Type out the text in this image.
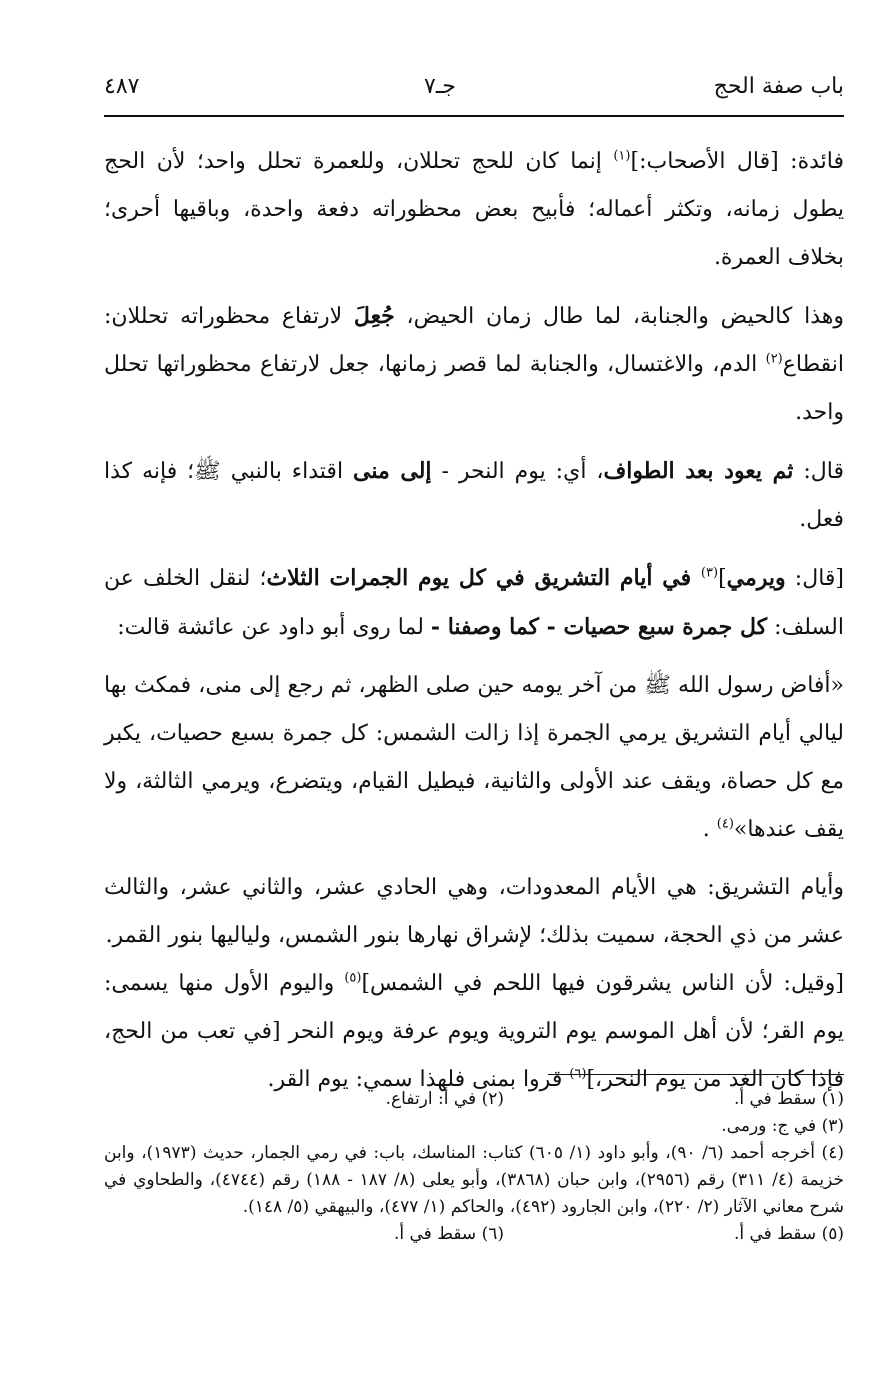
باب صفة الحج
جـ٧
٤٨٧

فائدة: [قال الأصحاب:]$^{(١)}$ إنما كان للحج تحللان، وللعمرة تحلل واحد؛ لأن الحج يطول زمانه، وتكثر أعماله؛ فأبيح بعض محظوراته دفعة واحدة، وباقيها أحرى؛ بخلاف العمرة.

وهذا كالحيض والجنابة، لما طال زمان الحيض، جُعِلَ لارتفاع محظوراته تحللان: انقطاع$^{(٢)}$ الدم، والاغتسال، والجنابة لما قصر زمانها، جعل لارتفاع محظوراتها تحلل واحد.

قال: ثم يعود بعد الطواف، أي: يوم النحر - إلى منى اقتداء بالنبي ﷺ؛ فإنه كذا فعل.

[قال: ويرمي]$^{(٣)}$ في أيام التشريق في كل يوم الجمرات الثلاث؛ لنقل الخلف عن السلف: كل جمرة سبع حصيات - كما وصفنا - لما روى أبو داود عن عائشة قالت:

«أفاض رسول الله ﷺ من آخر يومه حين صلى الظهر، ثم رجع إلى منى، فمكث بها ليالي أيام التشريق يرمي الجمرة إذا زالت الشمس: كل جمرة بسبع حصيات، يكبر مع كل حصاة، ويقف عند الأولى والثانية، فيطيل القيام، ويتضرع، ويرمي الثالثة، ولا يقف عندها»$^{(٤)}$ .

وأيام التشريق: هي الأيام المعدودات، وهي الحادي عشر، والثاني عشر، والثالث عشر من ذي الحجة، سميت بذلك؛ لإشراق نهارها بنور الشمس، ولياليها بنور القمر.

[وقيل: لأن الناس يشرقون فيها اللحم في الشمس]$^{(٥)}$ واليوم الأول منها يسمى: يوم القر؛ لأن أهل الموسم يوم التروية ويوم عرفة ويوم النحر [في تعب من الحج، فإذا كان الغد من يوم النحر،]$^{(٦)}$ قروا بمنى فلهذا سمي: يوم القر.

(١) سقط في أ.
(٢) في أ: ارتفاع.
(٣) في ج: ورمى.
(٤) أخرجه أحمد (٦/ ٩٠)، وأبو داود (١/ ٦٠٥) كتاب: المناسك، باب: في رمي الجمار، حديث (١٩٧٣)، وابن خزيمة (٤/ ٣١١) رقم (٢٩٥٦)، وابن حبان (٣٨٦٨)، وأبو يعلى (٨/ ١٨٧ - ١٨٨) رقم (٤٧٤٤)، والطحاوي في شرح معاني الآثار (٢/ ٢٢٠)، وابن الجارود (٤٩٢)، والحاكم (١/ ٤٧٧)، والبيهقي (٥/ ١٤٨).
(٥) سقط في أ.
(٦) سقط في أ.
